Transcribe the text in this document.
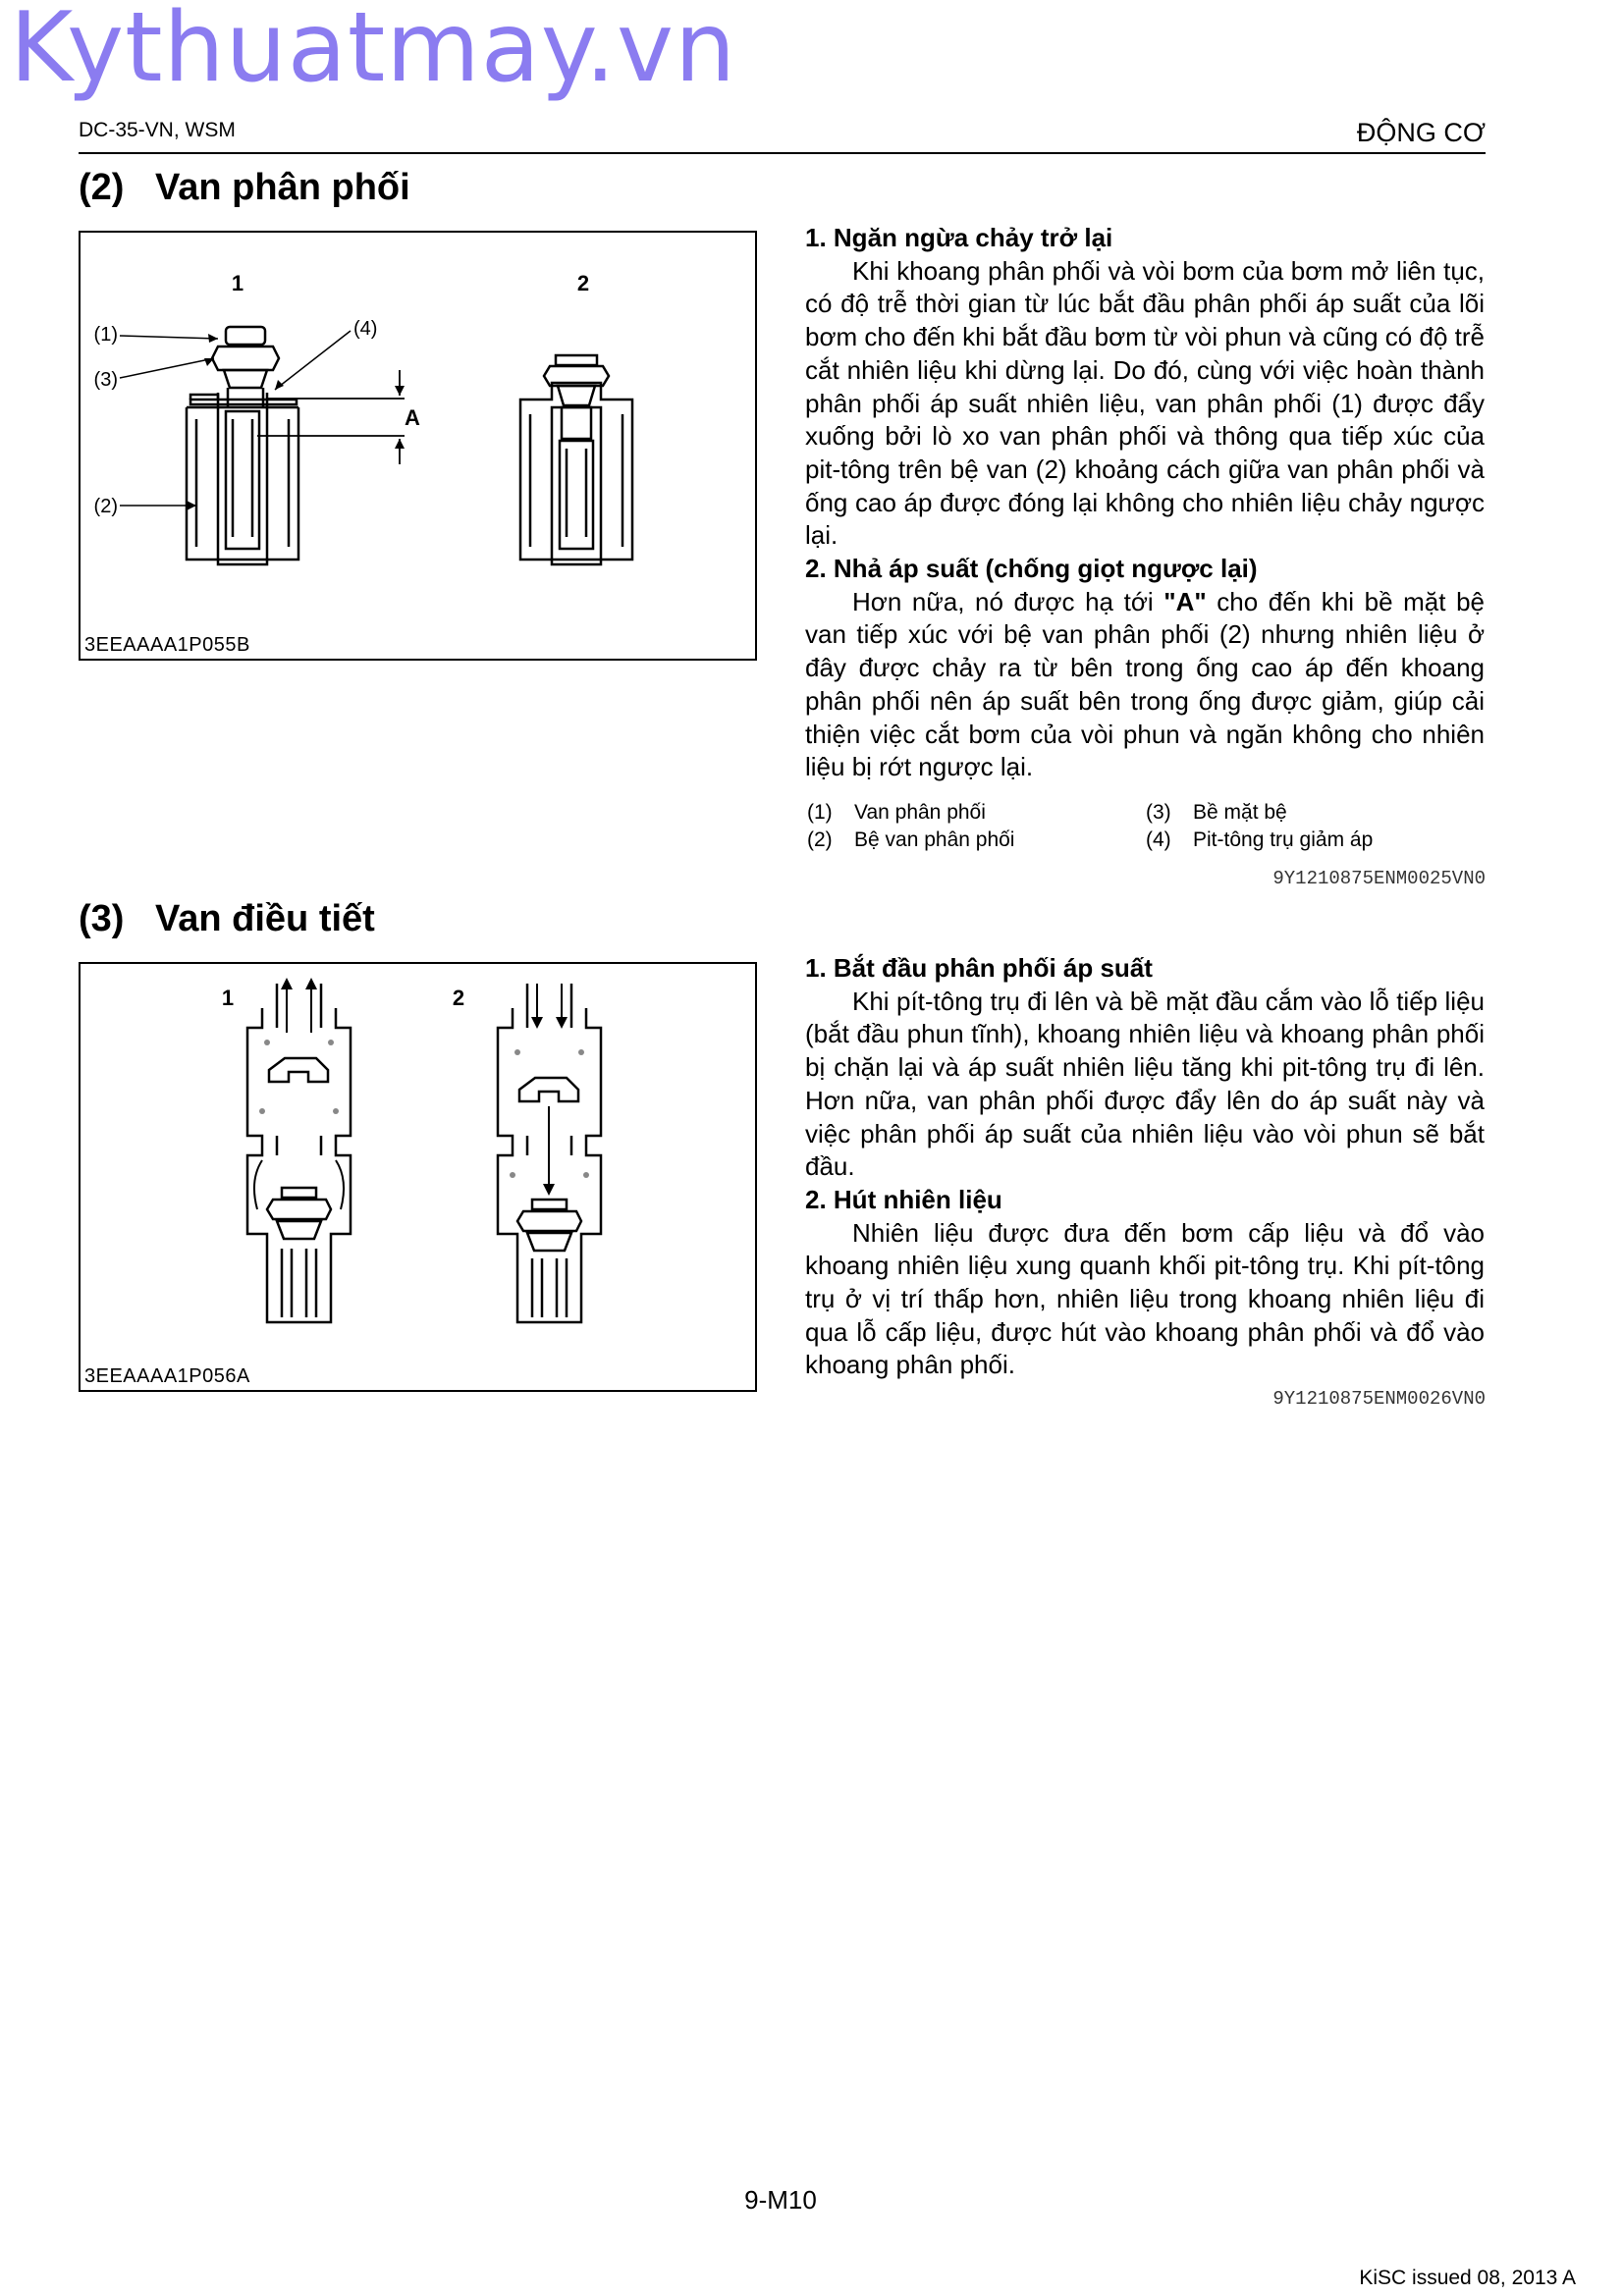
Kythuatmay.vn
DC-35-VN, WSM	ĐỘNG CƠ
(2) Van phân phối
1	2
(1)
(3)
(2)
(4)
A
3EEAAAA1P055B

1. Ngăn ngừa chảy trở lại

Khi khoang phân phối và vòi bơm của bơm mở liên tục, có độ trễ thời gian từ lúc bắt đầu phân phối áp suất của lõi bơm cho đến khi bắt đầu bơm từ vòi phun và cũng có độ trễ cắt nhiên liệu khi dừng lại. Do đó, cùng với việc hoàn thành phân phối áp suất nhiên liệu, van phân phối (1) được đẩy xuống bởi lò xo van phân phối và thông qua tiếp xúc của pit-tông trên bệ van (2) khoảng cách giữa van phân phối và ống cao áp được đóng lại không cho nhiên liệu chảy ngược lại.

2. Nhả áp suất (chống giọt ngược lại)

Hơn nữa, nó được hạ tới "A" cho đến khi bề mặt bệ van tiếp xúc với bệ van phân phối (2) nhưng nhiên liệu ở đây được chảy ra từ bên trong ống cao áp đến khoang phân phối nên áp suất bên trong ống được giảm, giúp cải thiện việc cắt bơm của vòi phun và ngăn không cho nhiên liệu bị rớt ngược lại.

(1)	Van phân phối	(3)	Bề mặt bệ
(2)	Bệ van phân phối	(4)	Pit-tông trụ giảm áp
9Y1210875ENM0025VN0
(3) Van điều tiết
1	2
3EEAAAA1P056A

1. Bắt đầu phân phối áp suất

Khi pít-tông trụ đi lên và bề mặt đầu cắm vào lỗ tiếp liệu (bắt đầu phun tĩnh), khoang nhiên liệu và khoang phân phối bị chặn lại và áp suất nhiên liệu tăng khi pit-tông trụ đi lên. Hơn nữa, van phân phối được đẩy lên do áp suất này và việc phân phối áp suất của nhiên liệu vào vòi phun sẽ bắt đầu.

2. Hút nhiên liệu

Nhiên liệu được đưa đến bơm cấp liệu và đổ vào khoang nhiên liệu xung quanh khối pit-tông trụ. Khi pít-tông trụ ở vị trí thấp hơn, nhiên liệu trong khoang nhiên liệu đi qua lỗ cấp liệu, được hút vào khoang phân phối và đổ vào khoang phân phối.

9Y1210875ENM0026VN0
9-M10
KiSC issued 08, 2013 A
